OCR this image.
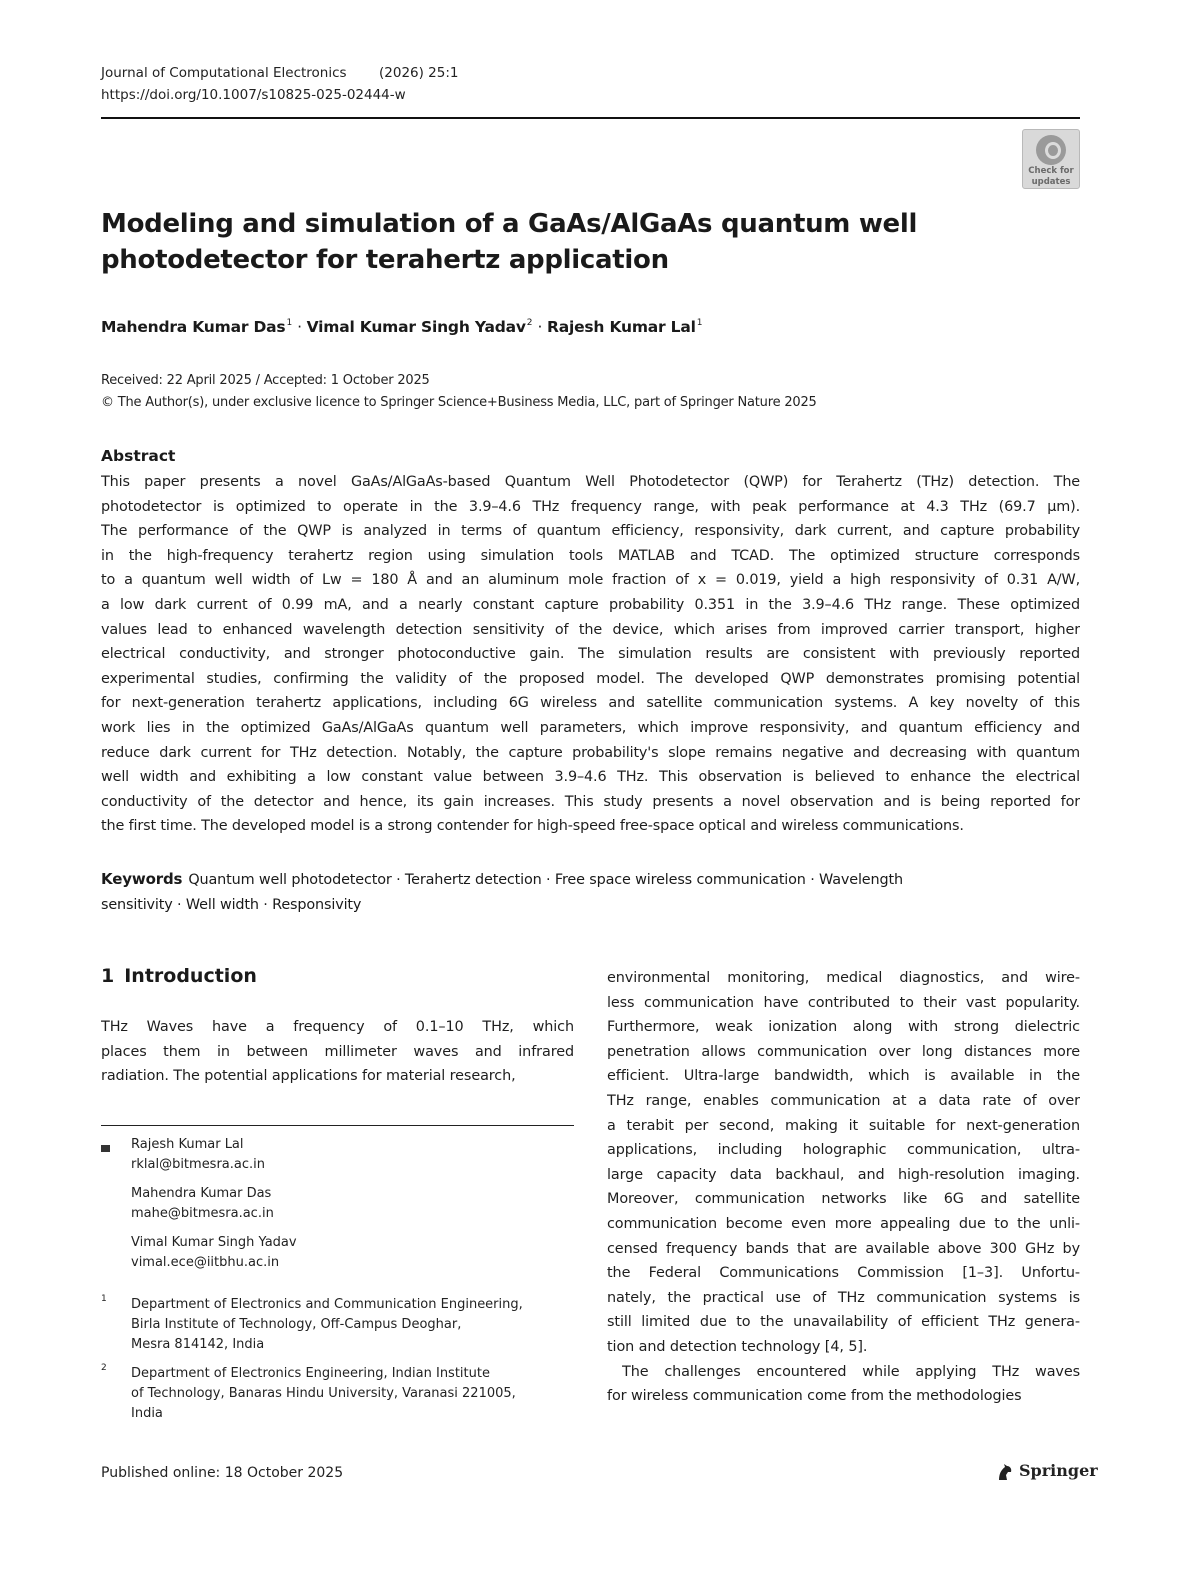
Journal of Computational Electronics (2026) 25:1
https://doi.org/10.1007/s10825-025-02444-w
Check for
updates
Modeling and simulation of a GaAs/AlGaAs quantum well
photodetector for terahertz application
Mahendra Kumar Das$^1$ · Vimal Kumar Singh Yadav$^2$ · Rajesh Kumar Lal$^1$
Received: 22 April 2025 / Accepted: 1 October 2025
© The Author(s), under exclusive licence to Springer Science+Business Media, LLC, part of Springer Nature 2025
Abstract
This paper presents a novel GaAs/AlGaAs-based Quantum Well Photodetector (QWP) for Terahertz (THz) detection. The
photodetector is optimized to operate in the 3.9–4.6 THz frequency range, with peak performance at 4.3 THz (69.7 μm).
The performance of the QWP is analyzed in terms of quantum efficiency, responsivity, dark current, and capture probability
in the high-frequency terahertz region using simulation tools MATLAB and TCAD. The optimized structure corresponds
to a quantum well width of Lw = 180 Å and an aluminum mole fraction of x = 0.019, yield a high responsivity of 0.31 A/W,
a low dark current of 0.99 mA, and a nearly constant capture probability 0.351 in the 3.9–4.6 THz range. These optimized
values lead to enhanced wavelength detection sensitivity of the device, which arises from improved carrier transport, higher
electrical conductivity, and stronger photoconductive gain. The simulation results are consistent with previously reported
experimental studies, confirming the validity of the proposed model. The developed QWP demonstrates promising potential
for next-generation terahertz applications, including 6G wireless and satellite communication systems. A key novelty of this
work lies in the optimized GaAs/AlGaAs quantum well parameters, which improve responsivity, and quantum efficiency and
reduce dark current for THz detection. Notably, the capture probability's slope remains negative and decreasing with quantum
well width and exhibiting a low constant value between 3.9–4.6 THz. This observation is believed to enhance the electrical
conductivity of the detector and hence, its gain increases. This study presents a novel observation and is being reported for
the first time. The developed model is a strong contender for high-speed free-space optical and wireless communications.
Keywords Quantum well photodetector · Terahertz detection · Free space wireless communication · Wavelength
sensitivity · Well width · Responsivity
1 Introduction
THz Waves have a frequency of 0.1–10 THz, which
places them in between millimeter waves and infrared
radiation. The potential applications for material research,
Rajesh Kumar Lal
rklal@bitmesra.ac.in
Mahendra Kumar Das
mahe@bitmesra.ac.in
Vimal Kumar Singh Yadav
vimal.ece@iitbhu.ac.in
1 Department of Electronics and Communication Engineering,
Birla Institute of Technology, Off-Campus Deoghar,
Mesra 814142, India
2 Department of Electronics Engineering, Indian Institute
of Technology, Banaras Hindu University, Varanasi 221005,
India
environmental monitoring, medical diagnostics, and wire-
less communication have contributed to their vast popularity.
Furthermore, weak ionization along with strong dielectric
penetration allows communication over long distances more
efficient. Ultra-large bandwidth, which is available in the
THz range, enables communication at a data rate of over
a terabit per second, making it suitable for next-generation
applications, including holographic communication, ultra-
large capacity data backhaul, and high-resolution imaging.
Moreover, communication networks like 6G and satellite
communication become even more appealing due to the unli-
censed frequency bands that are available above 300 GHz by
the Federal Communications Commission [1–3]. Unfortu-
nately, the practical use of THz communication systems is
still limited due to the unavailability of efficient THz genera-
tion and detection technology [4, 5].
The challenges encountered while applying THz waves
for wireless communication come from the methodologies
Published online: 18 October 2025	Springer
